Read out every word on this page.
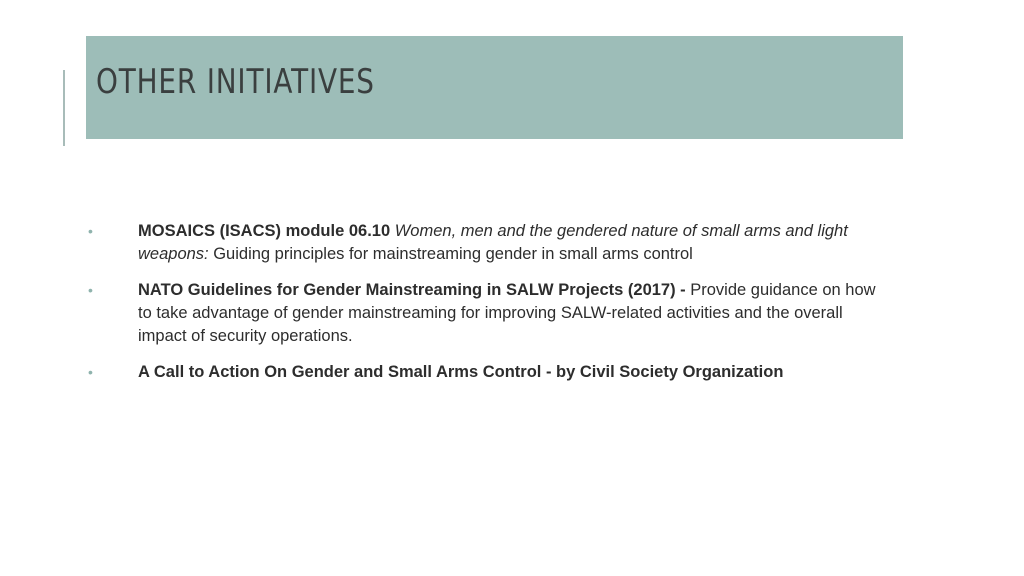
OTHER INITIATIVES
•	MOSAICS (ISACS) module 06.10 Women, men and the gendered nature of small arms and light weapons: Guiding principles for mainstreaming gender in small arms control
•	NATO Guidelines for Gender Mainstreaming in SALW Projects (2017) - Provide guidance on how to take advantage of gender mainstreaming for improving SALW-related activities and the overall impact of security operations.
•	A Call to Action On Gender and Small Arms Control - by Civil Society Organization
